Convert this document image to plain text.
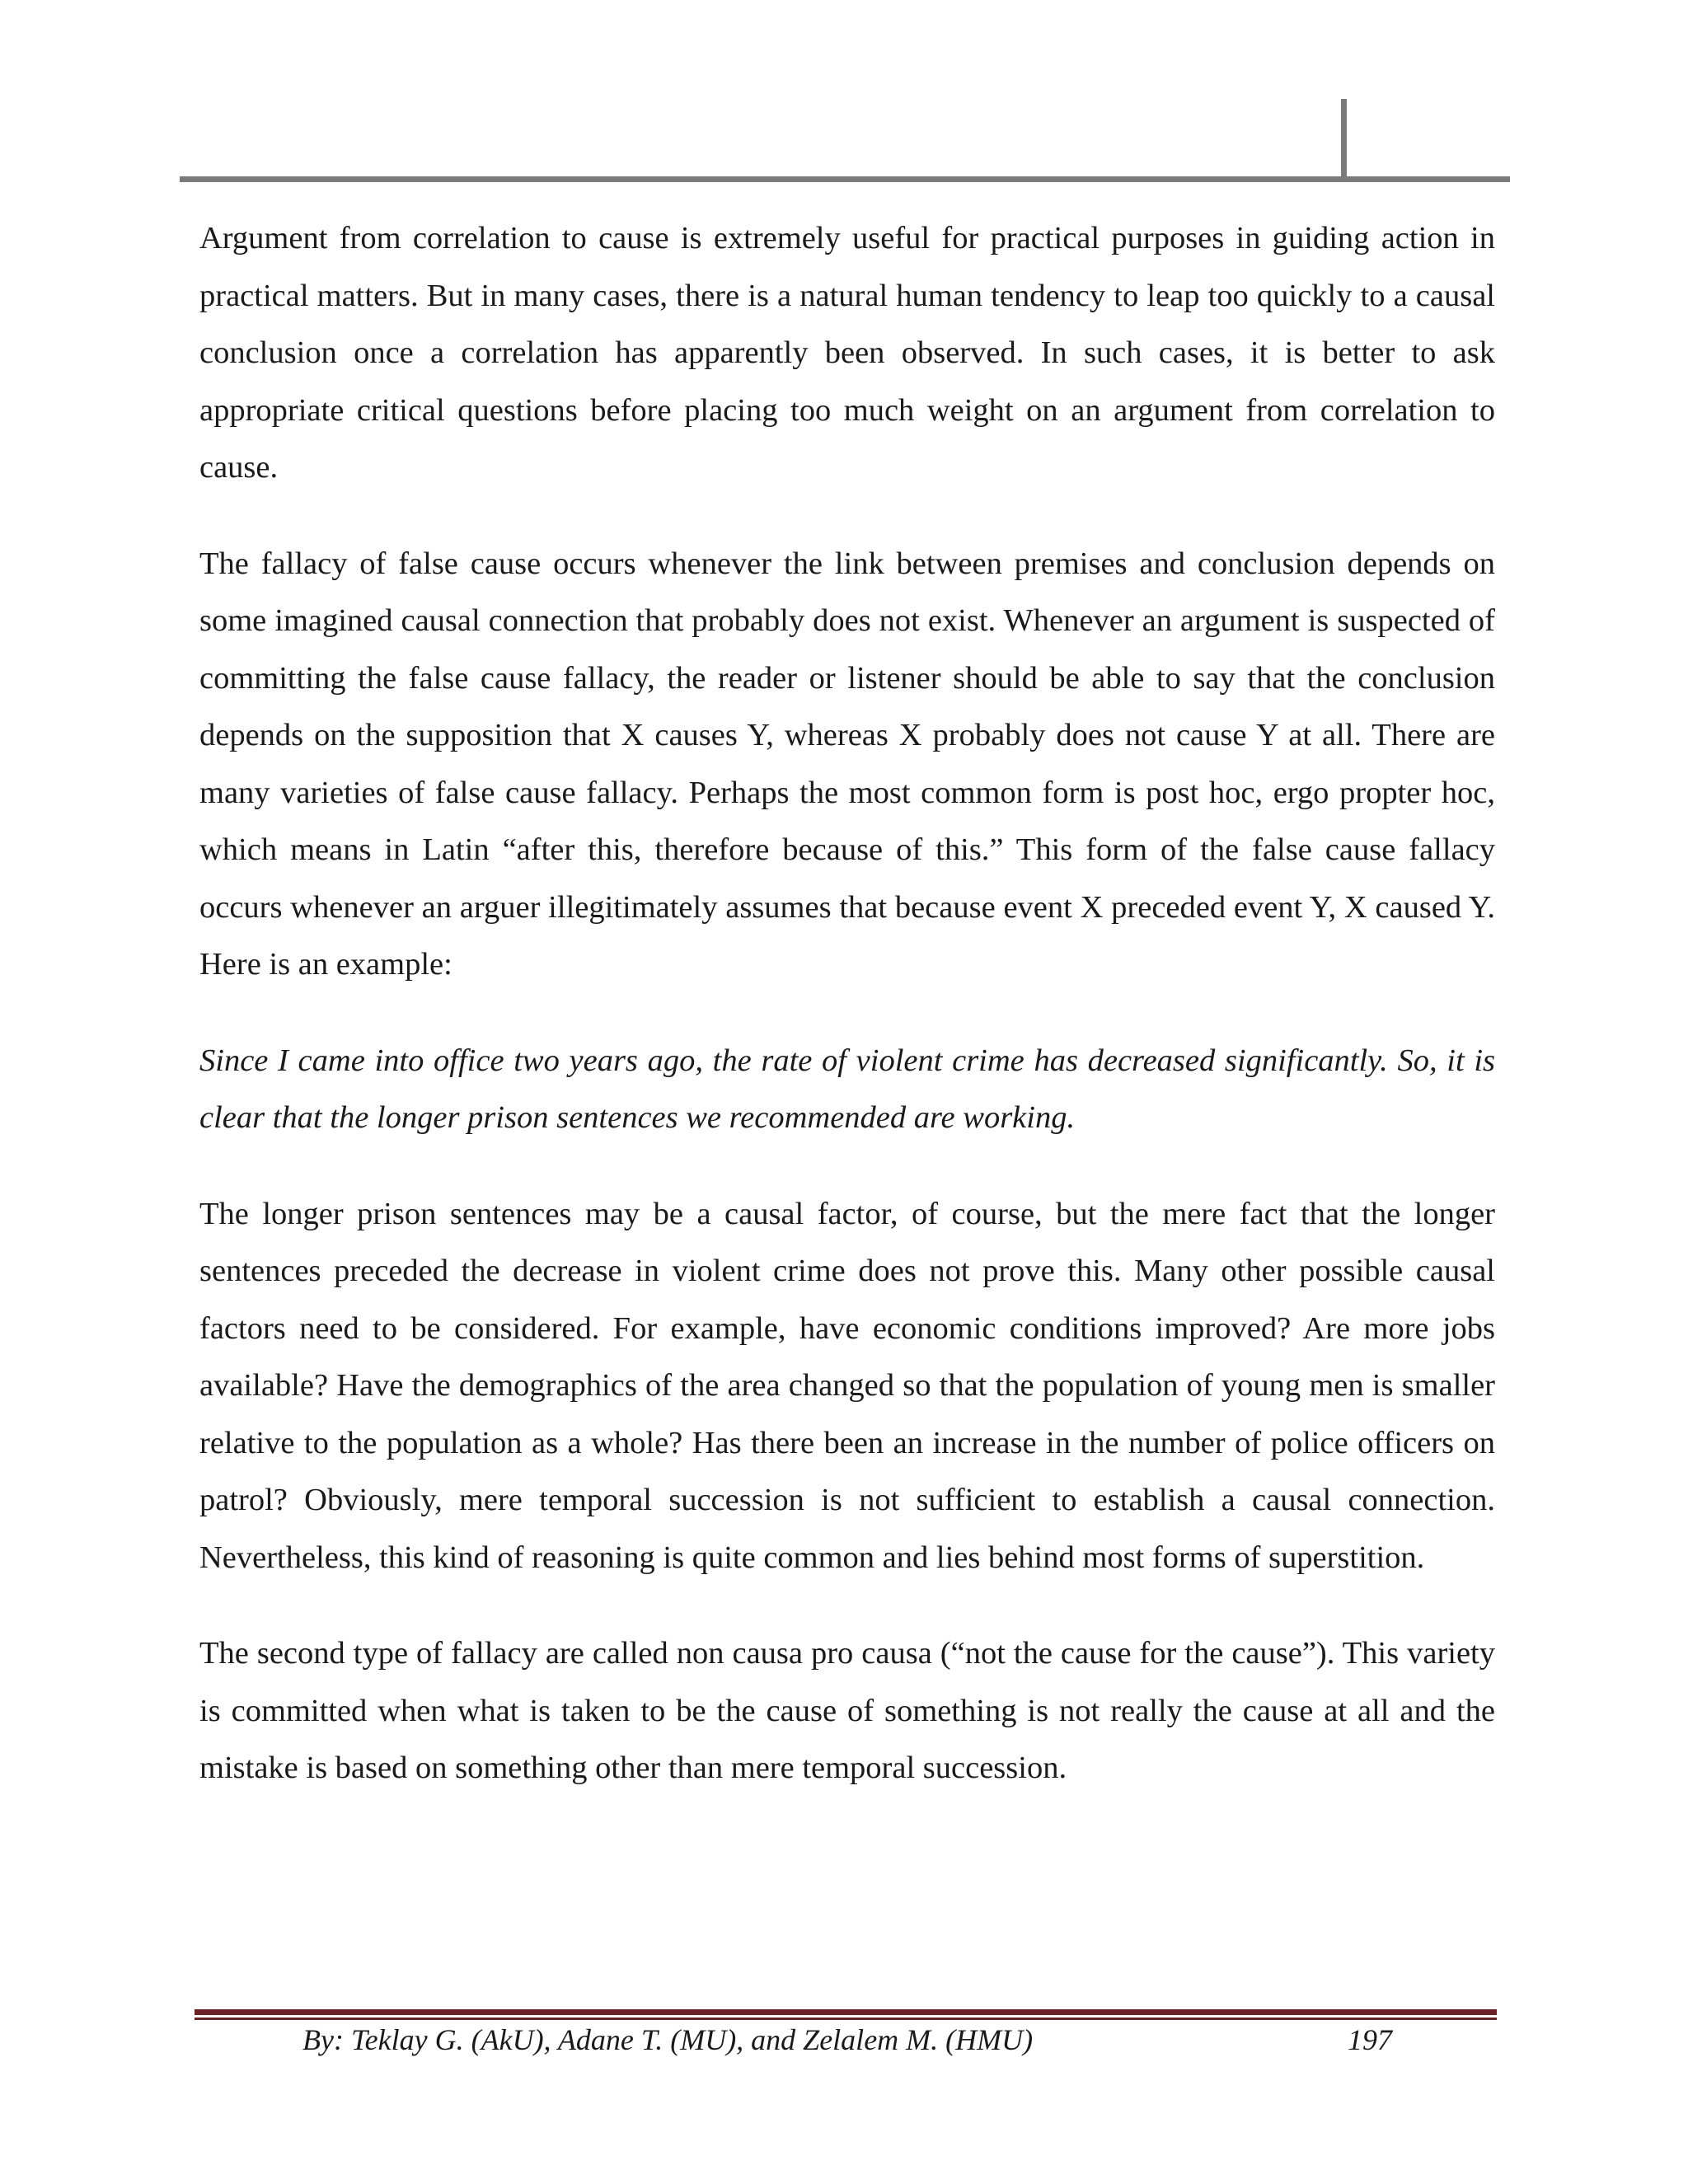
Argument from correlation to cause is extremely useful for practical purposes in guiding action in practical matters. But in many cases, there is a natural human tendency to leap too quickly to a causal conclusion once a correlation has apparently been observed. In such cases, it is better to ask appropriate critical questions before placing too much weight on an argument from correlation to cause.

The fallacy of false cause occurs whenever the link between premises and conclusion depends on some imagined causal connection that probably does not exist. Whenever an argument is suspected of committing the false cause fallacy, the reader or listener should be able to say that the conclusion depends on the supposition that X causes Y, whereas X probably does not cause Y at all. There are many varieties of false cause fallacy. Perhaps the most common form is post hoc, ergo propter hoc, which means in Latin “after this, therefore because of this.” This form of the false cause fallacy occurs whenever an arguer illegitimately assumes that because event X preceded event Y, X caused Y. Here is an example:

Since I came into office two years ago, the rate of violent crime has decreased significantly. So, it is clear that the longer prison sentences we recommended are working.

The longer prison sentences may be a causal factor, of course, but the mere fact that the longer sentences preceded the decrease in violent crime does not prove this. Many other possible causal factors need to be considered. For example, have economic conditions improved? Are more jobs available? Have the demographics of the area changed so that the population of young men is smaller relative to the population as a whole? Has there been an increase in the number of police officers on patrol? Obviously, mere temporal succession is not sufficient to establish a causal connection. Nevertheless, this kind of reasoning is quite common and lies behind most forms of superstition.

The second type of fallacy are called non causa pro causa (“not the cause for the cause”). This variety is committed when what is taken to be the cause of something is not really the cause at all and the mistake is based on something other than mere temporal succession.

By: Teklay G. (AkU), Adane T. (MU), and Zelalem M. (HMU)	197
